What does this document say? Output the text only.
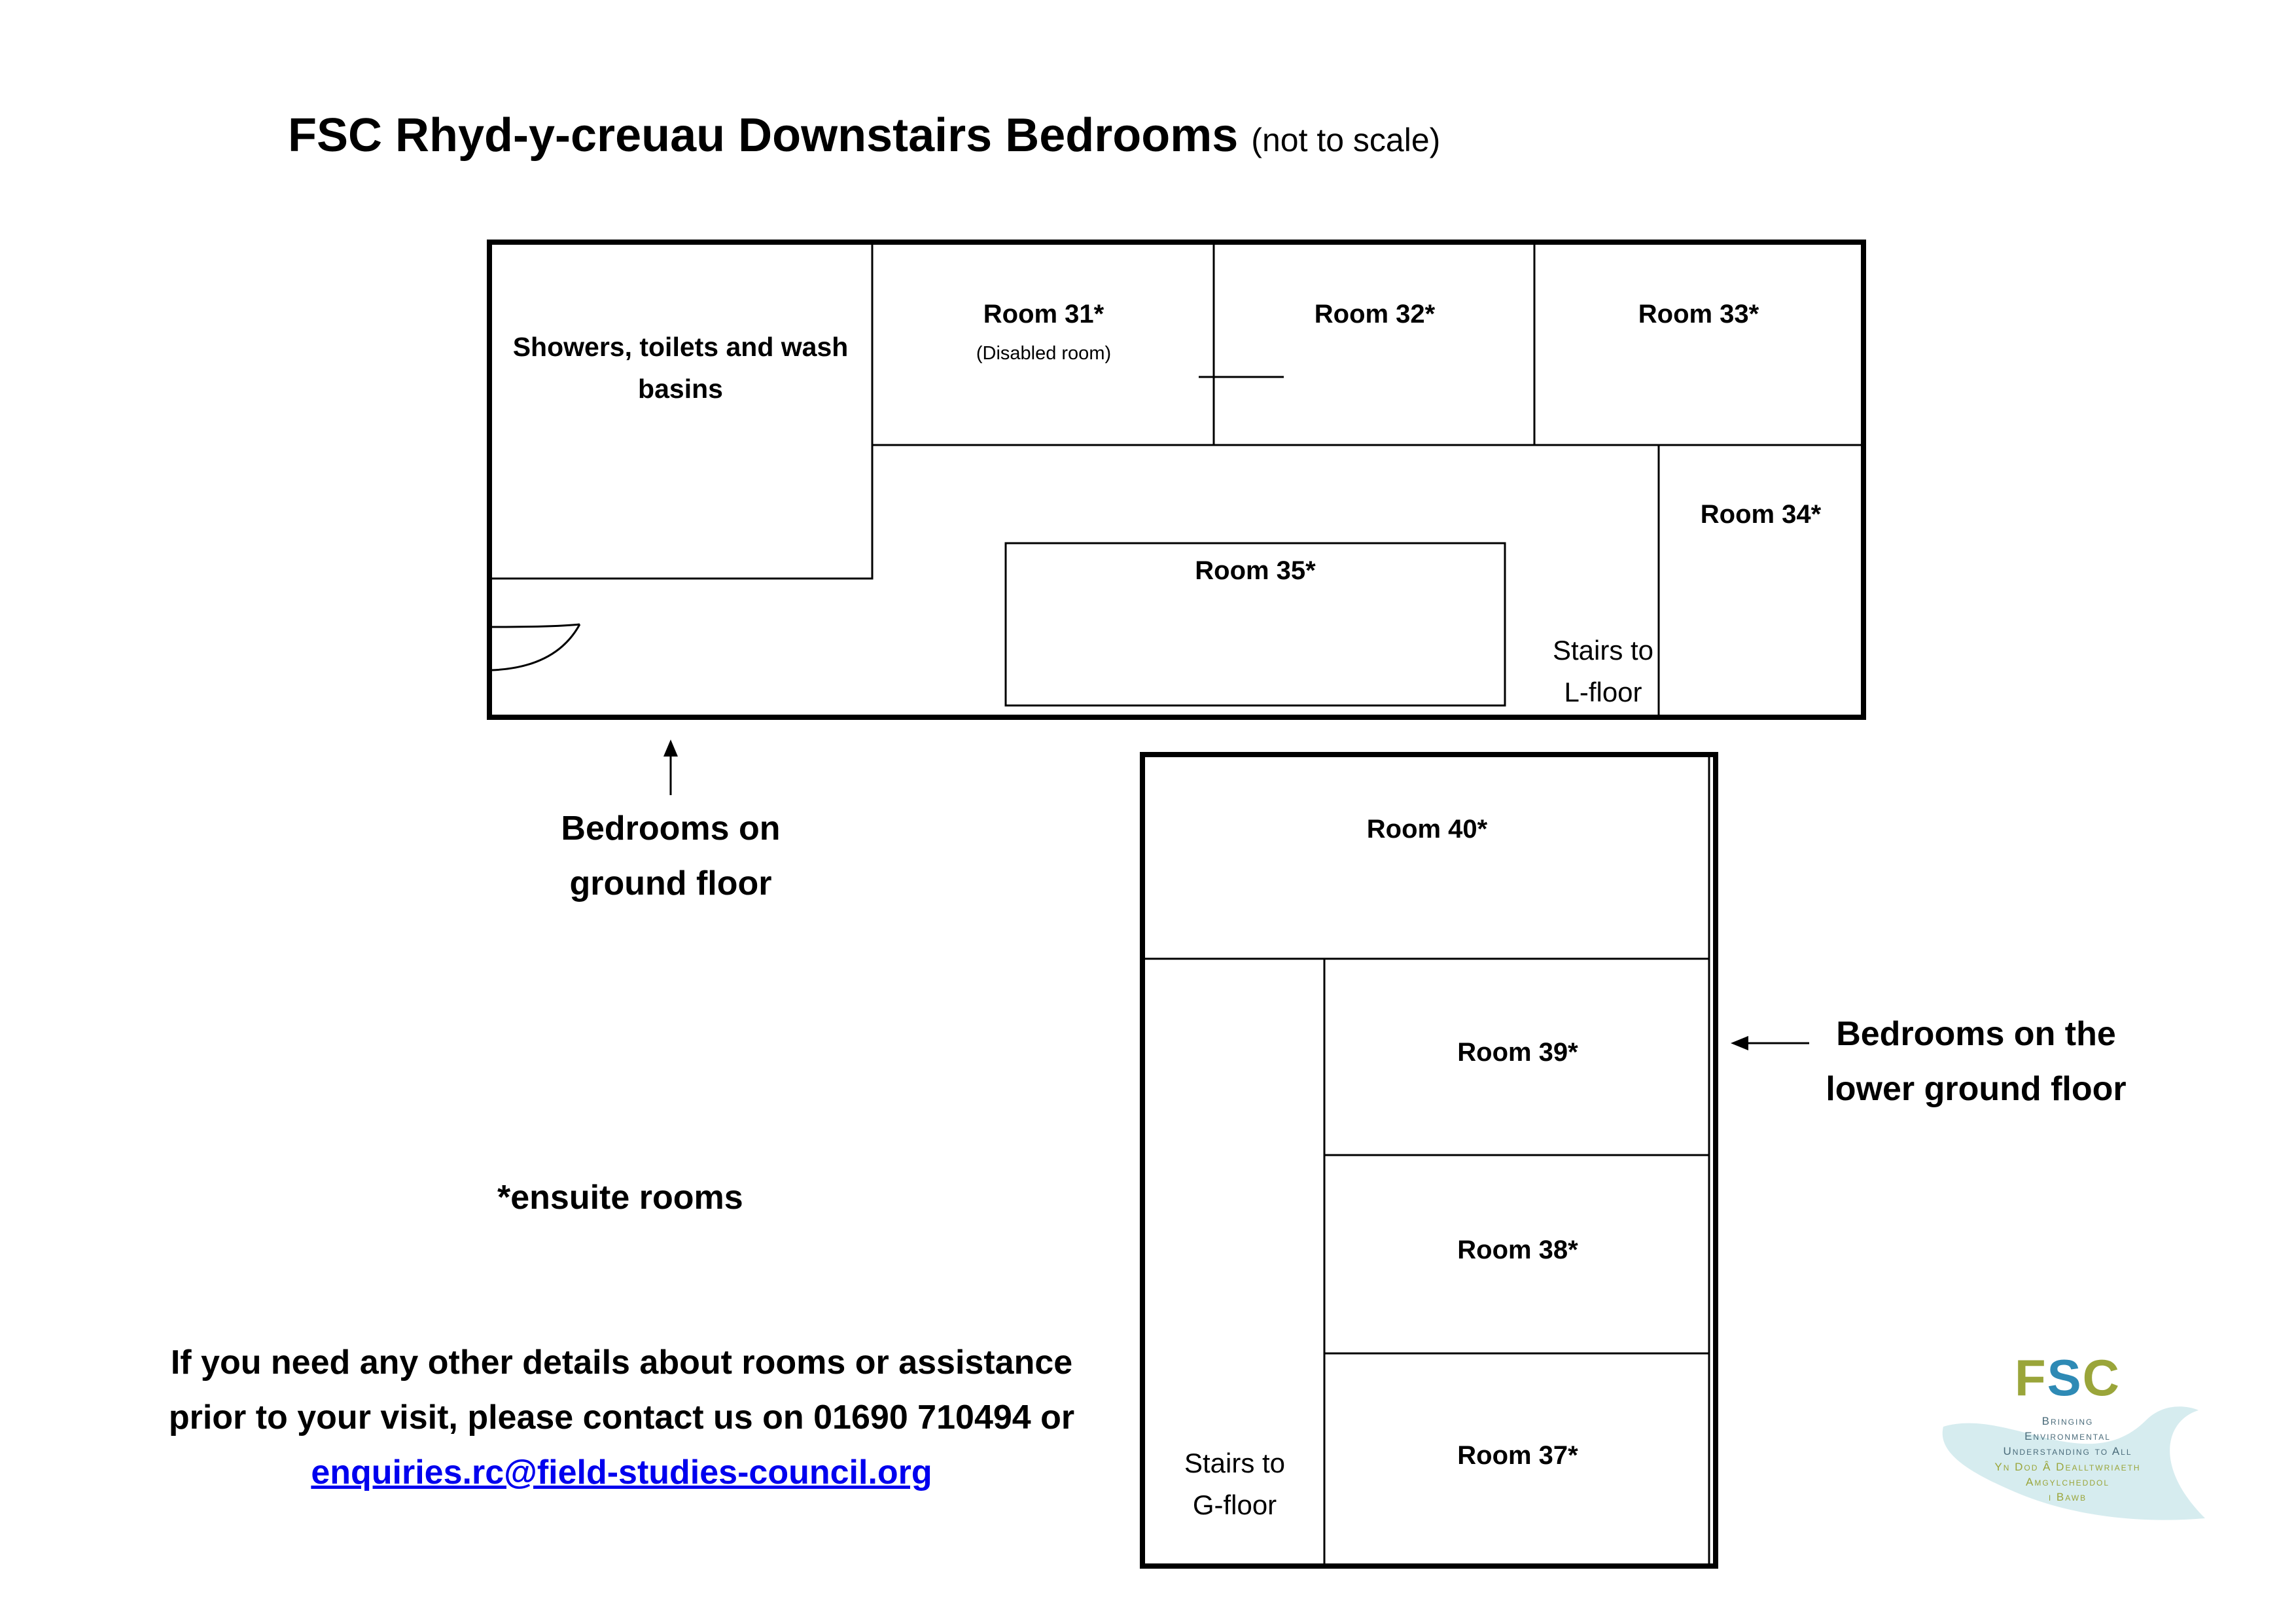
FSC Rhyd-y-creuau Downstairs Bedrooms (not to scale)
Showers, toilets and wash basins
Room 31*
(Disabled room)
Room 32*	Room 33*
Room 34*
Room 35*
Stairs to
L-floor
Bedrooms on
ground floor
Room 40*
Room 39*
Room 38*
Room 37*
Stairs to
G-floor
Bedrooms on the
lower ground floor
*ensuite rooms
If you need any other details about rooms or assistance
prior to your visit, please contact us on 01690 710494 or
enquiries.rc@field-studies-council.org
FSC
Bringing
Environmental
Understanding to All
Yn Dod Â Dealltwriaeth
Amgylcheddol
i Bawb
